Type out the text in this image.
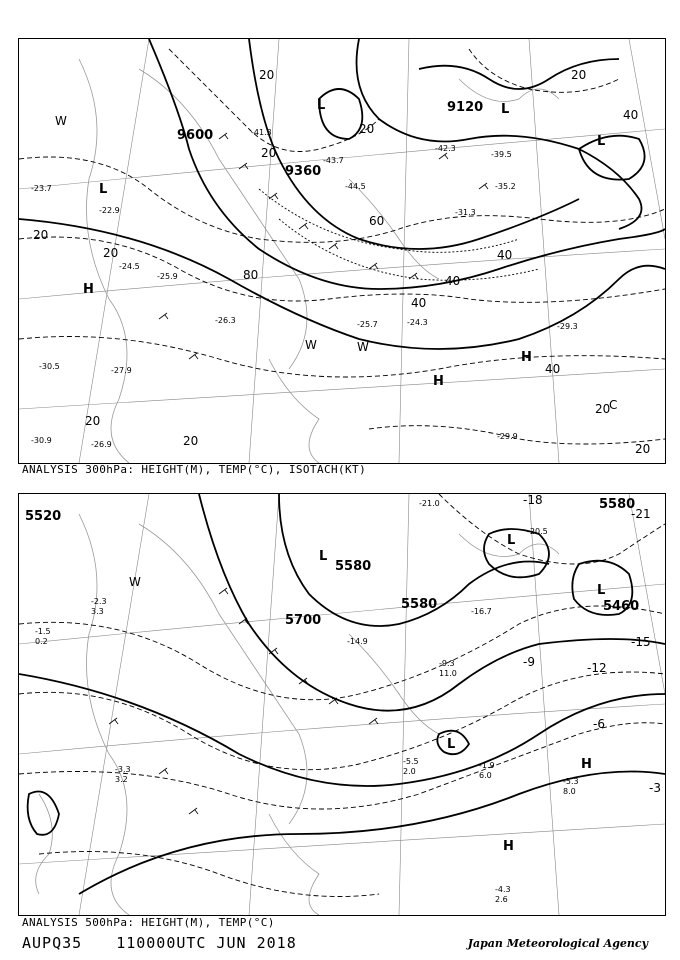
9600
9360
9120
20
20
20
20
20
20
20
20
40
40
40
40
40
60
80
20
20
L
L	L
L
H
H
H
W
W	W
C
-24.5
-25.9
-27.9
-26.3
-43.7
-42.3
-39.5
-35.2
-31.3
-25.7	-24.3
-29.9
-29.3
-26.9
-30.5
-30.9
-23.7
-22.9
-41.3
-44.5
ANALYSIS 300hPa: HEIGHT(M), TEMP(°C), ISOTACH(KT)
5520
5580
5580
5460
5700
5580
-18
-21
-15
-12
-9
-6
-3
L
L
L
L
W
H
H
-4.3
2.6
-5.3
8.0
-1.9
6.0
-16.7
-14.9
-9.3
11.0
-5.5
2.0
-3.3
3.2
-2.3
3.3
-1.5
0.2
-21.0
-20.5
ANALYSIS 500hPa: HEIGHT(M), TEMP(°C)
AUPQ35 110000UTC JUN 2018	Japan Meteorological Agency
